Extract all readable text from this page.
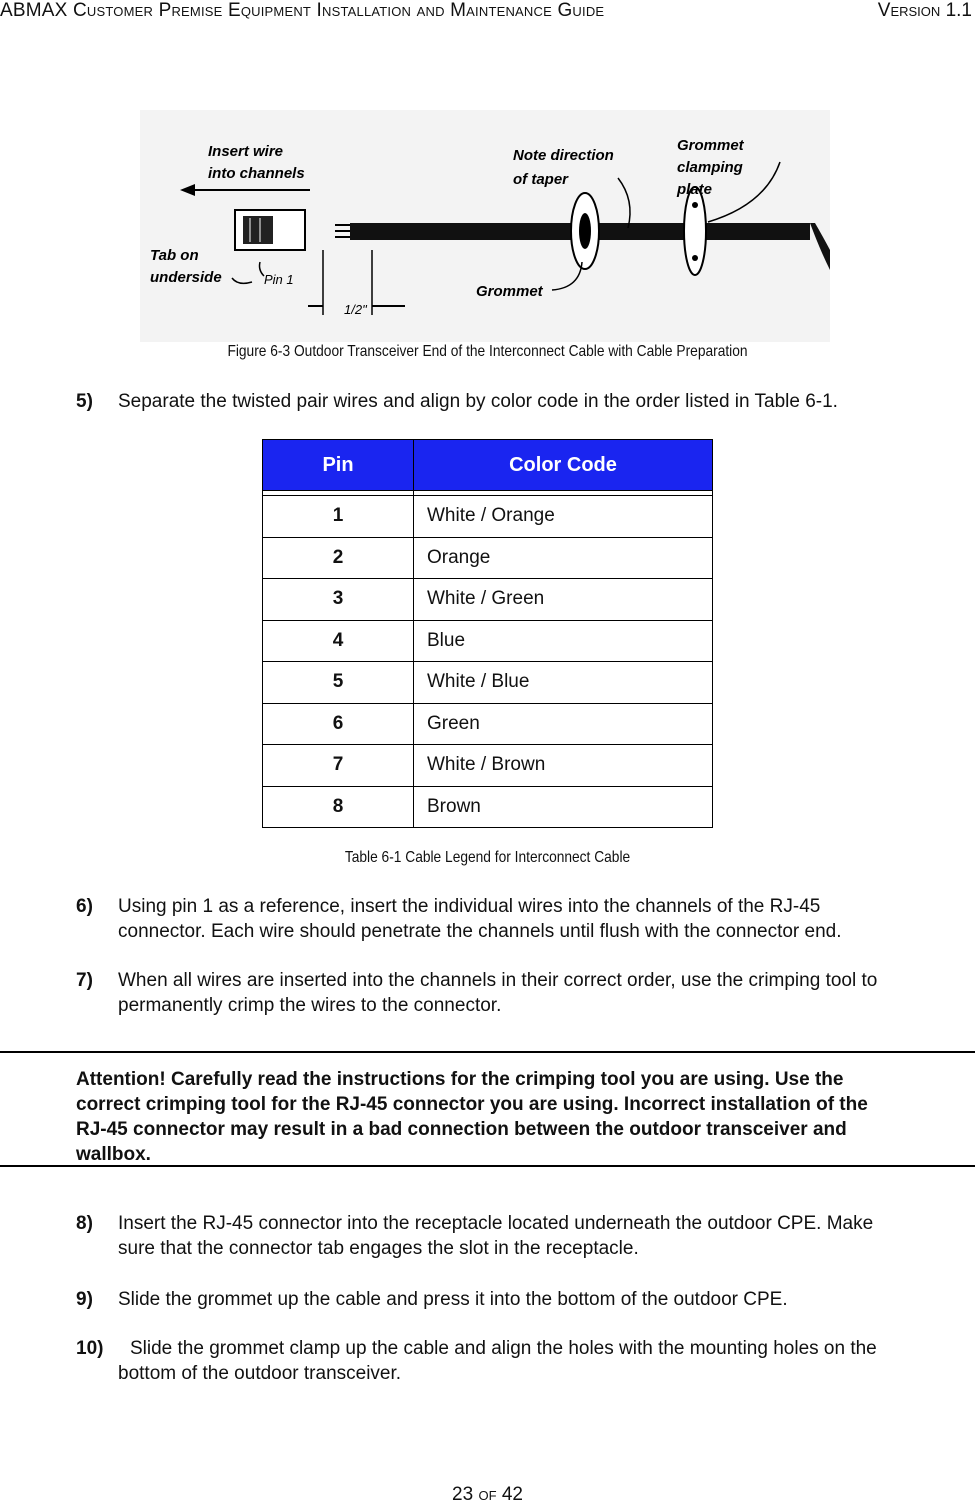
ABMAX Customer Premise Equipment Installation and Maintenance Guide	Version 1.1
Insert wire
into channels
Tab on
underside	Pin 1
1/2"
Note direction
of taper
Grommet
Grommet
clamping
plate
Figure 6-3 Outdoor Transceiver End of the Interconnect Cable with Cable Preparation
5) Separate the twisted pair wires and align by color code in the order listed in Table 6-1.
Pin	Color Code

1	White / Orange
2	Orange
3	White / Green
4	Blue
5	White / Blue
6	Green
7	White / Brown
8	Brown
Table 6-1 Cable Legend for Interconnect Cable
6) Using pin 1 as a reference, insert the individual wires into the channels of the RJ-45
connector. Each wire should penetrate the channels until flush with the connector end.
7) When all wires are inserted into the channels in their correct order, use the crimping tool to
permanently crimp the wires to the connector.

Attention! Carefully read the instructions for the crimping tool you are using. Use the
correct crimping tool for the RJ-45 connector you are using. Incorrect installation of the
RJ-45 connector may result in a bad connection between the outdoor transceiver and
wallbox.

8) Insert the RJ-45 connector into the receptacle located underneath the outdoor CPE. Make
sure that the connector tab engages the slot in the receptacle.
9) Slide the grommet up the cable and press it into the bottom of the outdoor CPE.
10) Slide the grommet clamp up the cable and align the holes with the mounting holes on the
bottom of the outdoor transceiver.
23 of 42
